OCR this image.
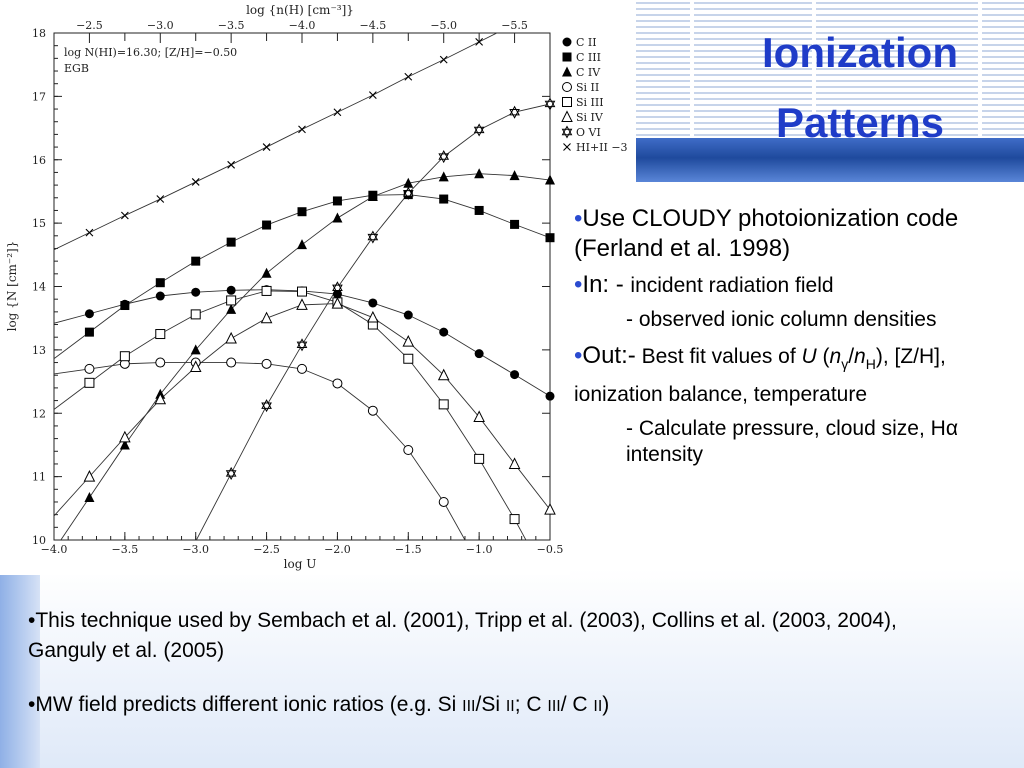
Ionization
Patterns
−4.0	−3.5	−3.0	−2.5	−2.0	−1.5	−1.0	−0.5
−2.5	−3.0	−3.5	−4.0	−4.5	−5.0	−5.5
10
11
12
13
14
15
16
17
18
C II
C III
C IV
Si II
Si III
Si IV
O VI
HI+II −3
log {n(H) [cm⁻³]}
log U
log {N [cm⁻²]}
log N(HI)=16.30; [Z/H]=−0.50
EGB

•Use CLOUDY photoionization code (Ferland et al. 1998)

•In: - incident radiation field

- observed ionic column densities

•Out:- Best fit values of U $(n_\gamma/n_H)$, [Z/H], ionization balance, temperature

- Calculate pressure, cloud size, Hα intensity

•This technique used by Sembach et al. (2001), Tripp et al. (2003), Collins et al. (2003, 2004), Ganguly et al. (2005)

•MW field predicts different ionic ratios (e.g. Si III/Si II; C III/ C II)
